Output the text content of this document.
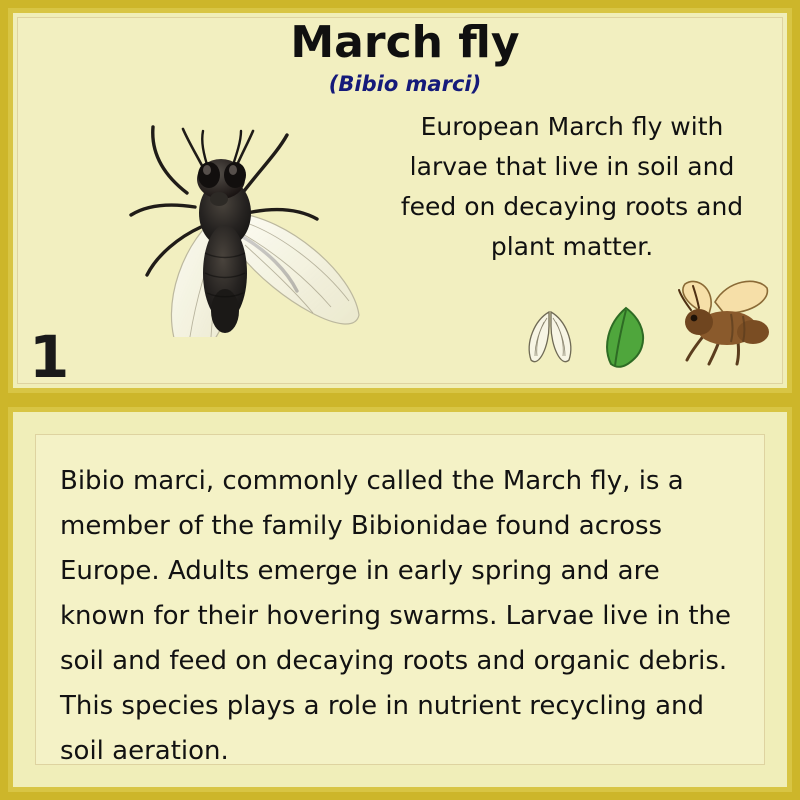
March fly
(Bibio marci)
European March fly with larvae that live in soil and feed on decaying roots and plant matter.
1
Bibio marci, commonly called the March fly, is a member of the family Bibionidae found across Europe. Adults emerge in early spring and are known for their hovering swarms. Larvae live in the soil and feed on decaying roots and organic debris. This species plays a role in nutrient recycling and soil aeration.
